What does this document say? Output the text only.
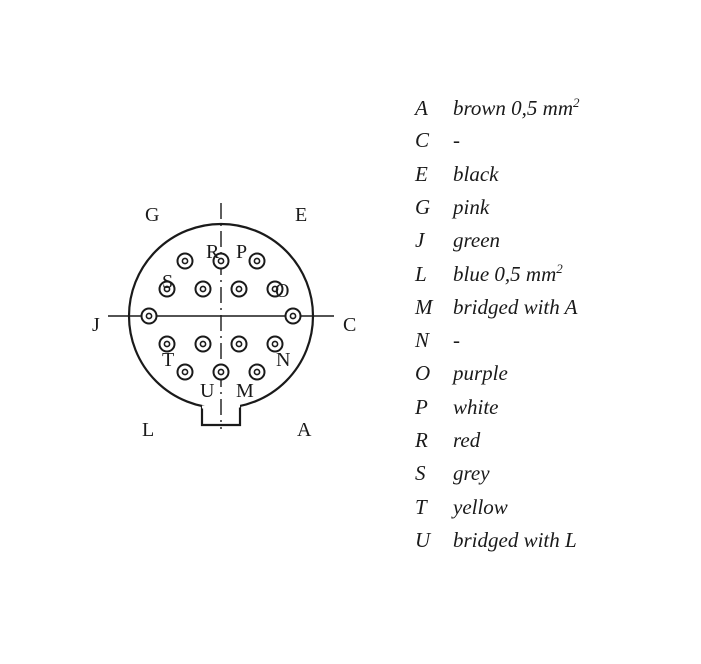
G	E
J	C
L	A
R P
S	O
T	N
U M
A	brown 0,5 $mm^2$
C	-
E	black
G	pink
J	green
L	blue 0,5 $mm^2$
M bridged with A
N	-
O	purple
P	white
R	red
S	grey
T	yellow
U	bridged with L
